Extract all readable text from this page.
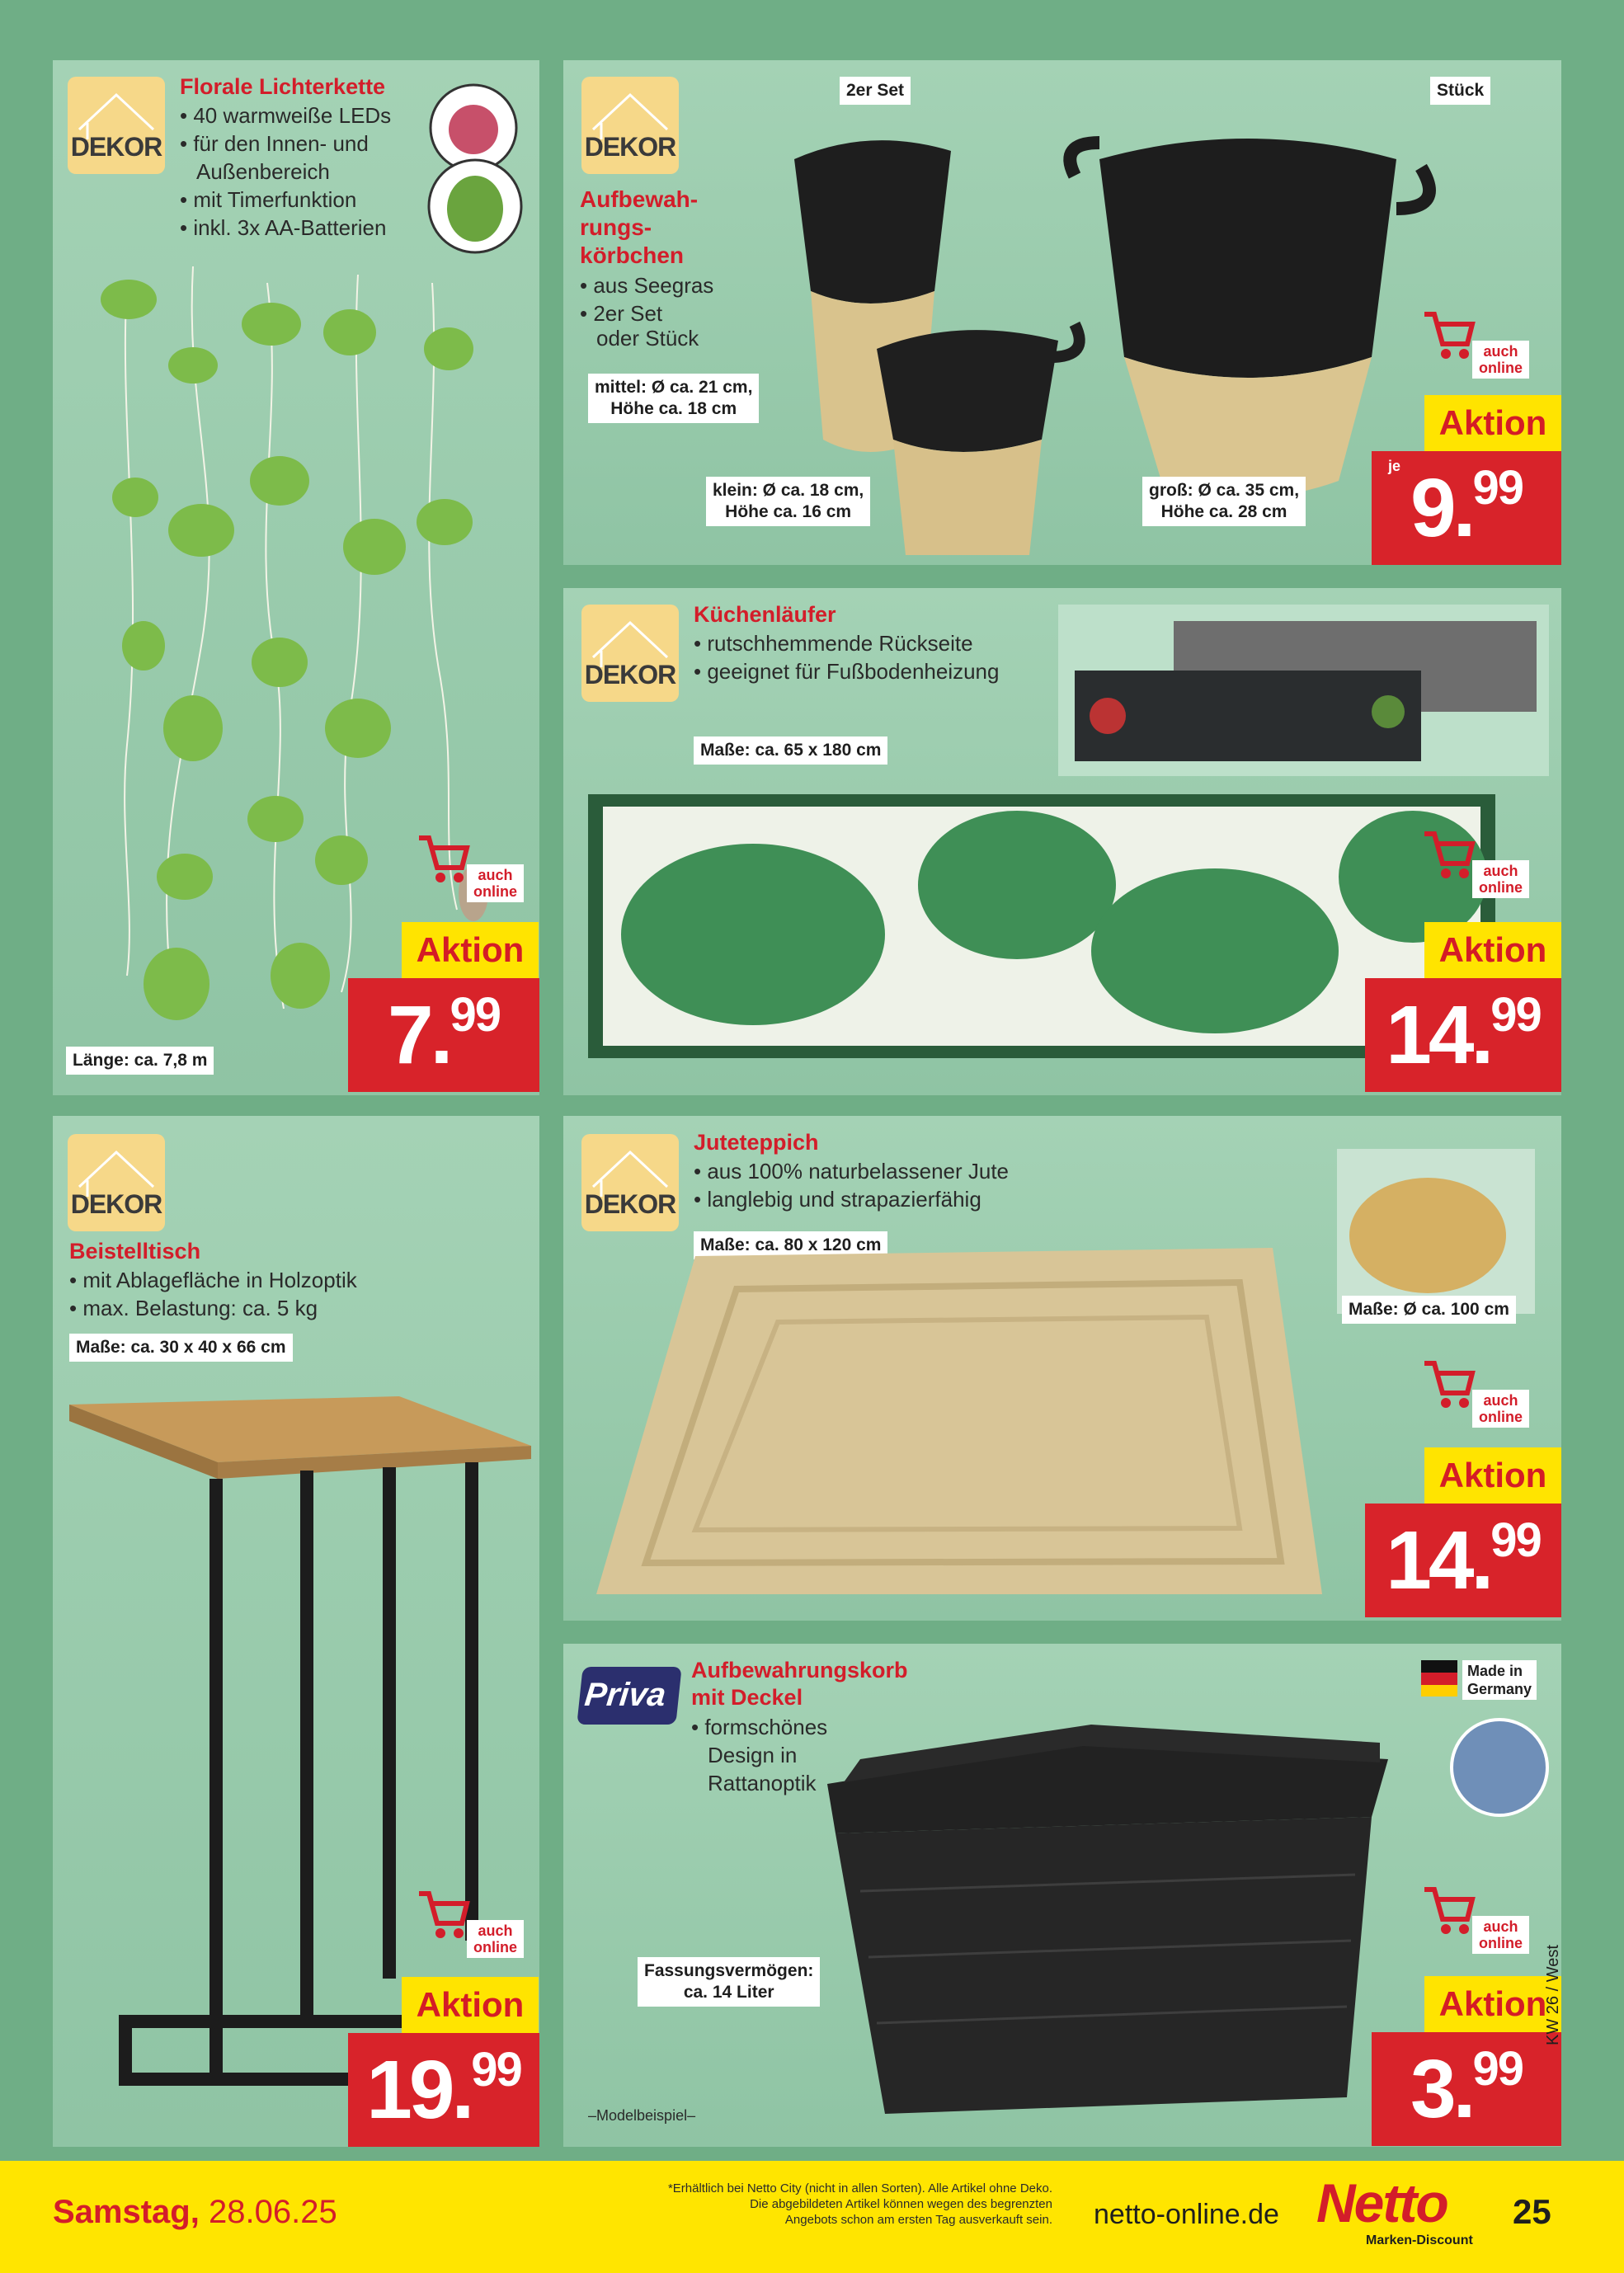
DEKOR
Florale Lichterkette
• 40 warmweiße LEDs
• für den Innen- und
Außenbereich
• mit Timerfunktion
• inkl. 3x AA-Batterien
auch
online
Aktion
7.99
Länge: ca. 7,8 m
DEKOR
Aufbewah-
rungs-
körbchen
• aus Seegras
• 2er Set
oder Stück
2er Set	Stück
mittel: Ø ca. 21 cm,
Höhe ca. 18 cm
klein: Ø ca. 18 cm,
Höhe ca. 16 cm
groß: Ø ca. 35 cm,
Höhe ca. 28 cm
auch
online
Aktion
je 9.99
DEKOR
Küchenläufer
• rutschhemmende Rückseite
• geeignet für Fußbodenheizung
Maße: ca. 65 x 180 cm
auch
online
Aktion
14.99
DEKOR
Beistelltisch
• mit Ablagefläche in Holzoptik
• max. Belastung: ca. 5 kg
Maße: ca. 30 x 40 x 66 cm
auch
online
Aktion
19.99
DEKOR
Juteteppich
• aus 100% naturbelassener Jute
• langlebig und strapazierfähig
Maße: ca. 80 x 120 cm
Maße: Ø ca. 100 cm
auch
online
Aktion
14.99
Priva
Aufbewahrungskorb
mit Deckel
• formschönes
Design in
Rattanoptik
Made in
Germany
Fassungsvermögen:
ca. 14 Liter
–Modelbeispiel–
auch
online
Aktion
3.99
KW 26 / West
Samstag, 28.06.25
*Erhältlich bei Netto City (nicht in allen Sorten). Alle Artikel ohne Deko.
Die abgebildeten Artikel können wegen des begrenzten
Angebots schon am ersten Tag ausverkauft sein. netto-online.de Netto
Marken-Discount
25
